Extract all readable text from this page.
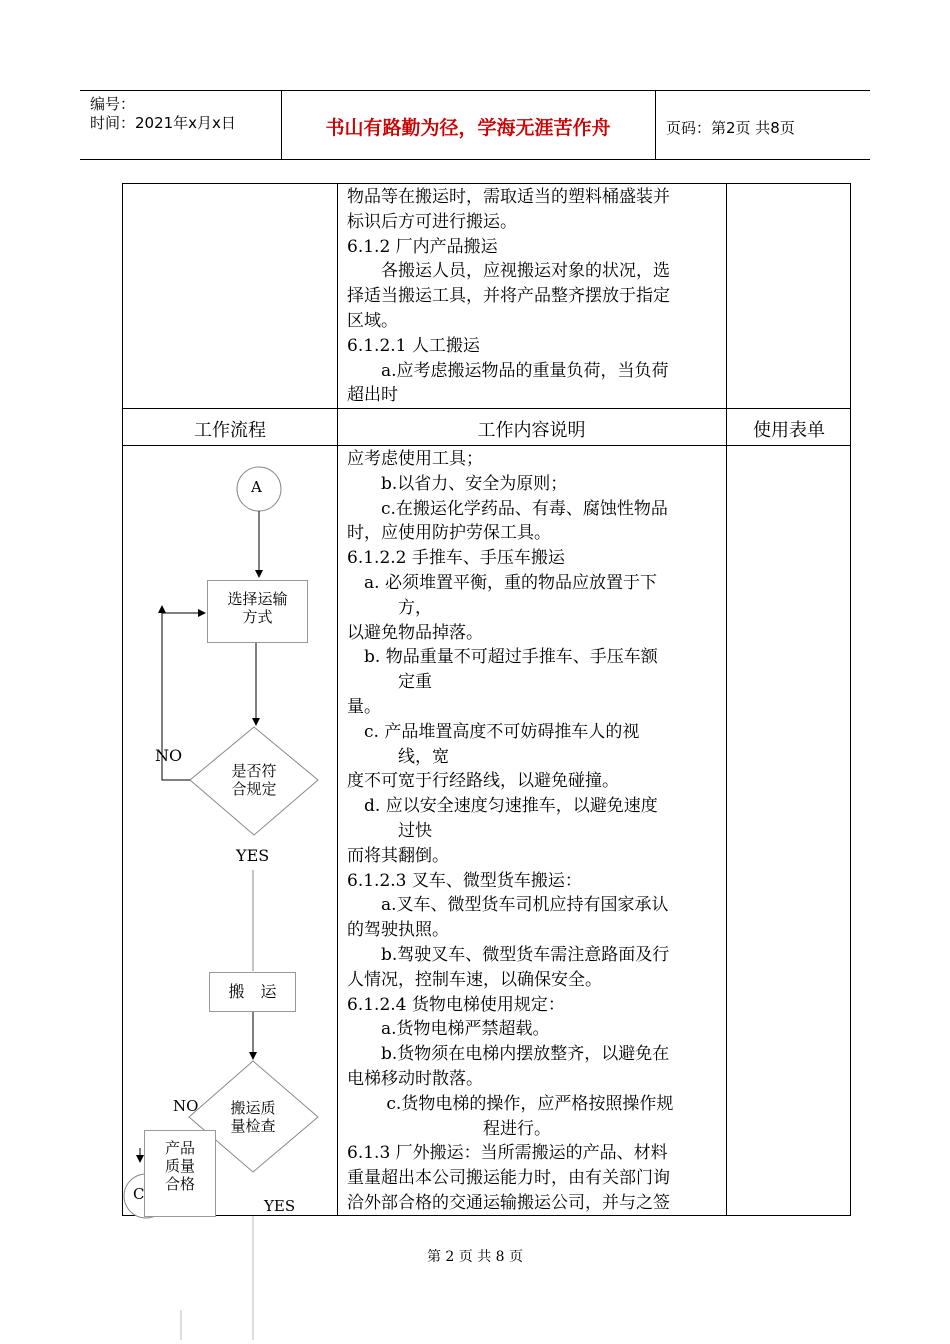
编号：
时间：2021年x月x日	书山有路勤为径，学海无涯苦作舟	页码：第2页 共8页
工作流程	工作内容说明	使用表单
物品等在搬运时，需取适当的塑料桶盛装并
标识后方可进行搬运。
6.1.2 厂内产品搬运
　　各搬运人员，应视搬运对象的状况，选
择适当搬运工具，并将产品整齐摆放于指定
区域。
6.1.2.1 人工搬运
　　a.应考虑搬运物品的重量负荷，当负荷
超出时
应考虑使用工具；
　　b.以省力、安全为原则；
　　c.在搬运化学药品、有毒、腐蚀性物品
时，应使用防护劳保工具。
6.1.2.2 手推车、手压车搬运
　a. 必须堆置平衡，重的物品应放置于下
　　　方，
以避免物品掉落。
　b. 物品重量不可超过手推车、手压车额
　　　定重
量。
　c. 产品堆置高度不可妨碍推车人的视
　　　线，宽
度不可宽于行经路线，以避免碰撞。
　d. 应以安全速度匀速推车，以避免速度
　　　过快
而将其翻倒。
6.1.2.3 叉车、微型货车搬运：
　　a.叉车、微型货车司机应持有国家承认
的驾驶执照。
　　b.驾驶叉车、微型货车需注意路面及行
人情况，控制车速，以确保安全。
6.1.2.4 货物电梯使用规定：
　　a.货物电梯严禁超载。
　　b.货物须在电梯内摆放整齐，以避免在
电梯移动时散落。
　　 c.货物电梯的操作，应严格按照操作规
　　　　　　　　程进行。
6.1.3 厂外搬运：当所需搬运的产品、材料
重量超出本公司搬运能力时，由有关部门询
洽外部合格的交通运输搬运公司，并与之签
A
选择运输
方式
是否符
合规定
NO
YES
搬　运
搬运质
量检查
NO
YES
C
产品
质量
合格
第 2 页 共 8 页
